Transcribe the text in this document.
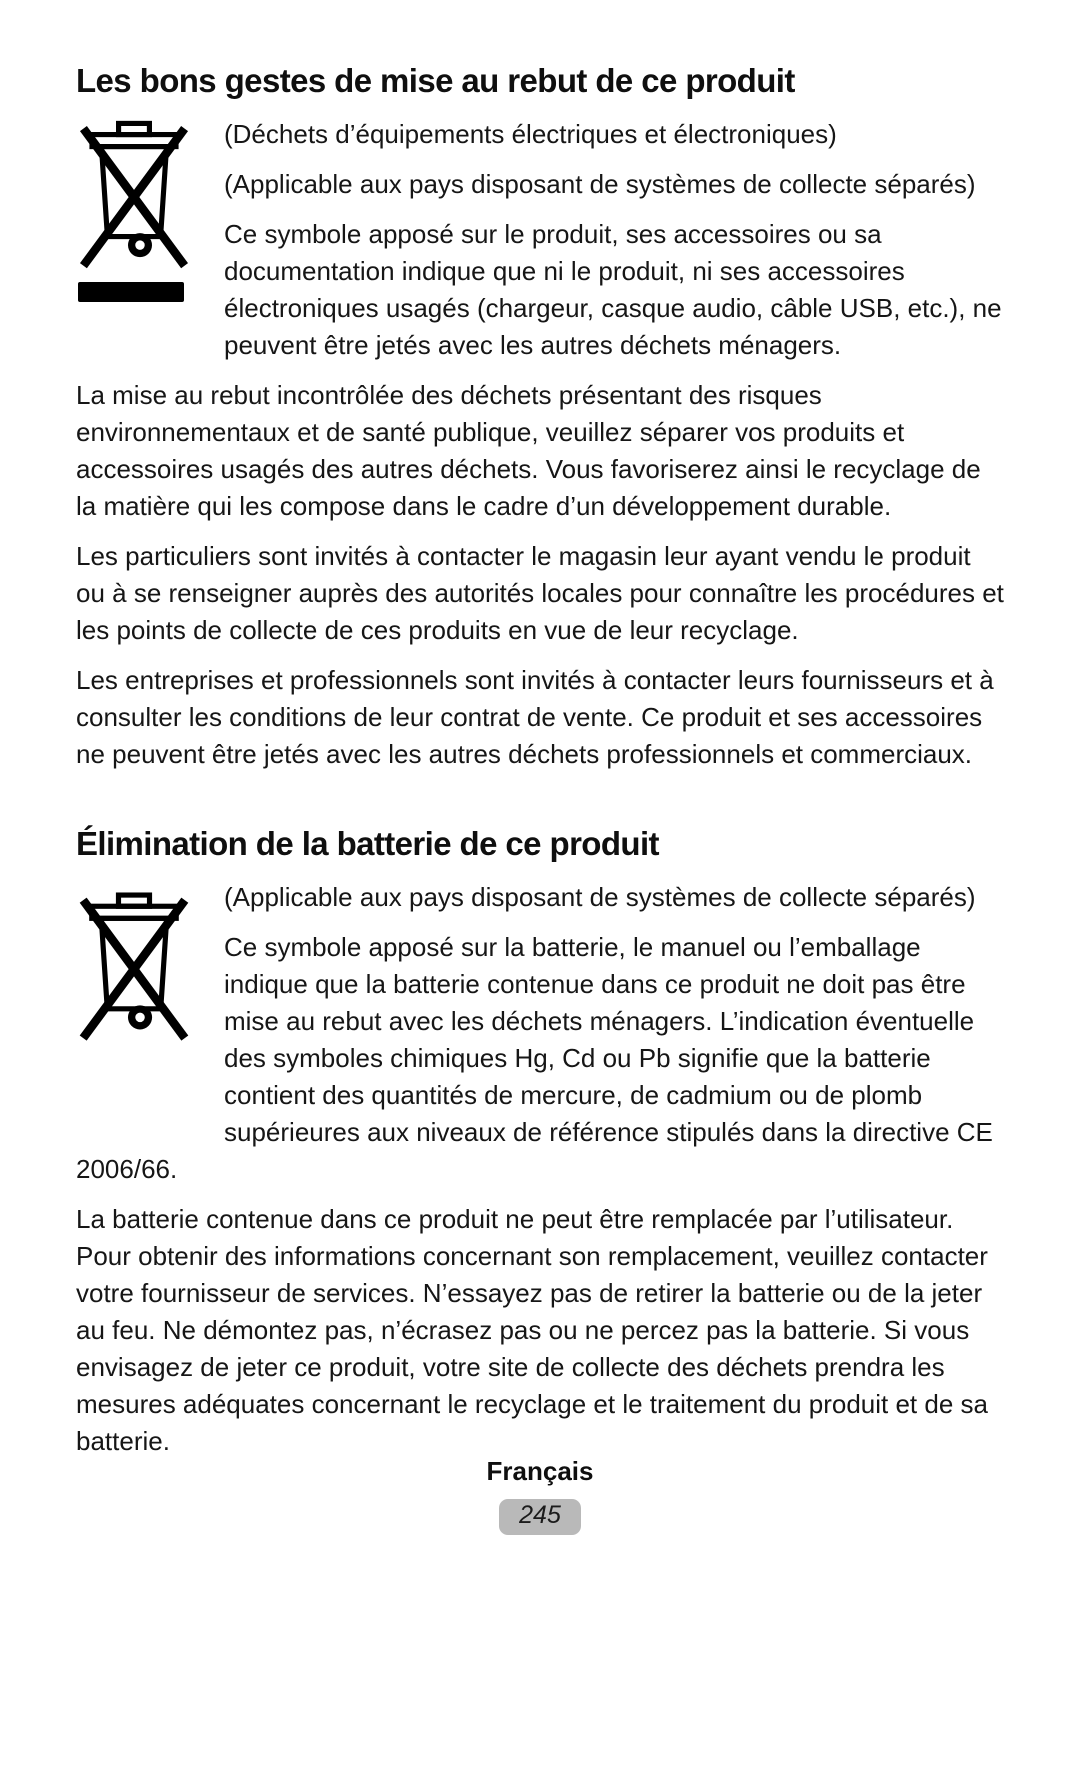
Les bons gestes de mise au rebut de ce produit

(Déchets d’équipements électriques et électroniques)

(Applicable aux pays disposant de systèmes de collecte séparés)

Ce symbole apposé sur le produit, ses accessoires ou sa documentation indique que ni le produit, ni ses accessoires électroniques usagés (chargeur, casque audio, câble USB, etc.), ne peuvent être jetés avec les autres déchets ménagers.

La mise au rebut incontrôlée des déchets présentant des risques environnementaux et de santé publique, veuillez séparer vos produits et accessoires usagés des autres déchets. Vous favoriserez ainsi le recyclage de la matière qui les compose dans le cadre d’un développement durable.

Les particuliers sont invités à contacter le magasin leur ayant vendu le produit ou à se renseigner auprès des autorités locales pour connaître les procédures et les points de collecte de ces produits en vue de leur recyclage.

Les entreprises et professionnels sont invités à contacter leurs fournisseurs et à consulter les conditions de leur contrat de vente. Ce produit et ses accessoires ne peuvent être jetés avec les autres déchets professionnels et commerciaux.

Élimination de la batterie de ce produit

(Applicable aux pays disposant de systèmes de collecte séparés)

Ce symbole apposé sur la batterie, le manuel ou l’emballage indique que la batterie contenue dans ce produit ne doit pas être mise au rebut avec les déchets ménagers. L’indication éventuelle des symboles chimiques Hg, Cd ou Pb signifie que la batterie contient des quantités de mercure, de cadmium ou de plomb supérieures aux niveaux de référence stipulés dans la directive CE 2006/66.

La batterie contenue dans ce produit ne peut être remplacée par l’utilisateur. Pour obtenir des informations concernant son remplacement, veuillez contacter votre fournisseur de services. N’essayez pas de retirer la batterie ou de la jeter au feu. Ne démontez pas, n’écrasez pas ou ne percez pas la batterie. Si vous envisagez de jeter ce produit, votre site de collecte des déchets prendra les mesures adéquates concernant le recyclage et le traitement du produit et de sa batterie.

Français
245
